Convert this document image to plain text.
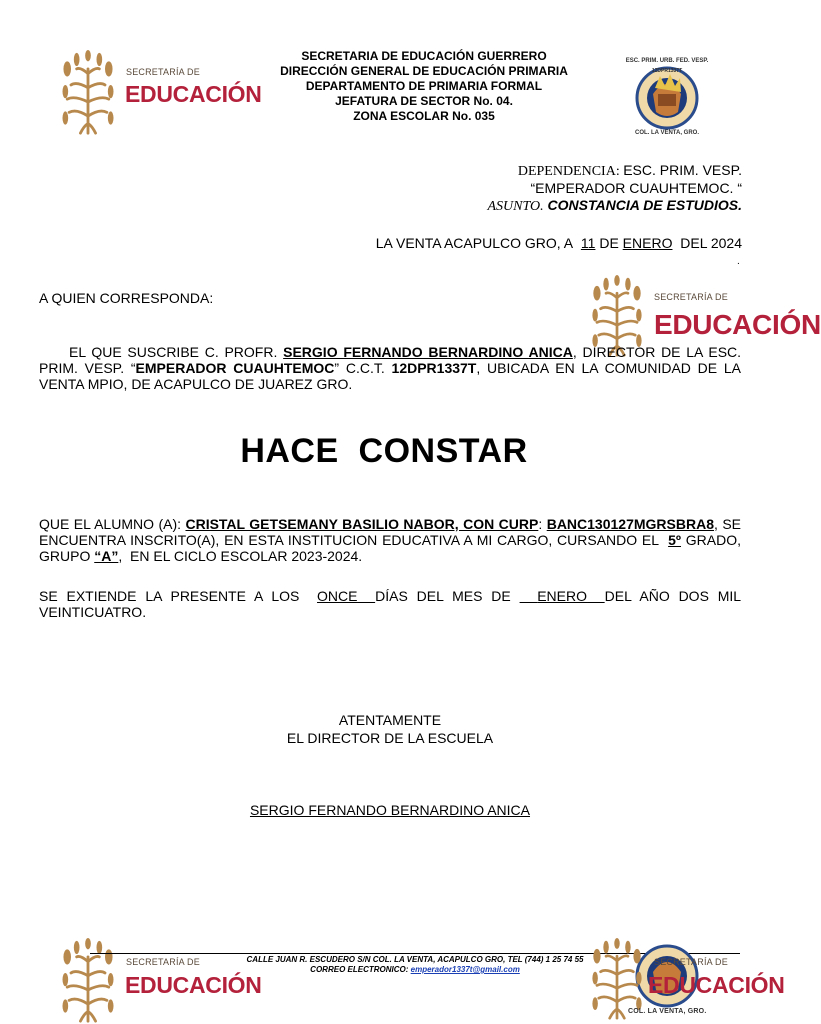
SECRETARÍA DE
EDUCACIÓN
SECRETARIA DE EDUCACIÓN GUERRERO
DIRECCIÓN GENERAL DE EDUCACIÓN PRIMARIA
DEPARTAMENTO DE PRIMARIA FORMAL
JEFATURA DE SECTOR No. 04.
ZONA ESCOLAR No. 035
ESC. PRIM. URB. FED. VESP.
12DPR1337T
COL. LA VENTA, GRO.
DEPENDENCIA: ESC. PRIM. VESP.
“EMPERADOR CUAUHTEMOC. “
ASUNTO. CONSTANCIA DE ESTUDIOS.
LA VENTA ACAPULCO GRO, A 11 DE ENERO DEL 2024
.
A QUIEN CORRESPONDA:	SECRETARÍA DE
EDUCACIÓN
EL QUE SUSCRIBE C. PROFR. SERGIO FERNANDO BERNARDINO ANICA, DIRECTOR DE LA ESC. PRIM. VESP. “EMPERADOR CUAUHTEMOC” C.C.T. 12DPR1337T, UBICADA EN LA COMUNIDAD DE LA VENTA MPIO, DE ACAPULCO DE JUAREZ GRO.
HACE  CONSTAR
QUE EL ALUMNO (A): CRISTAL GETSEMANY BASILIO NABOR, CON CURP: BANC130127MGRSBRA8, SE ENCUENTRA INSCRITO(A), EN ESTA INSTITUCION EDUCATIVA A MI CARGO, CURSANDO EL 5º GRADO, GRUPO “A”,  EN EL CICLO ESCOLAR 2023-2024.
SE EXTIENDE LA PRESENTE A LOS ONCE DÍAS DEL MES DE ENERO DEL AÑO DOS MIL VEINTICUATRO.
ATENTAMENTE
EL DIRECTOR DE LA ESCUELA
SERGIO FERNANDO BERNARDINO ANICA
SECRETARÍA DE
EDUCACIÓN
CALLE JUAN R. ESCUDERO S/N COL. LA VENTA, ACAPULCO GRO, TEL (744) 1 25 74 55
CORREO ELECTRONICO: emperador1337t@gmail.com
SECRETARÍA DE
EDUCACIÓN
COL. LA VENTA, GRO.
